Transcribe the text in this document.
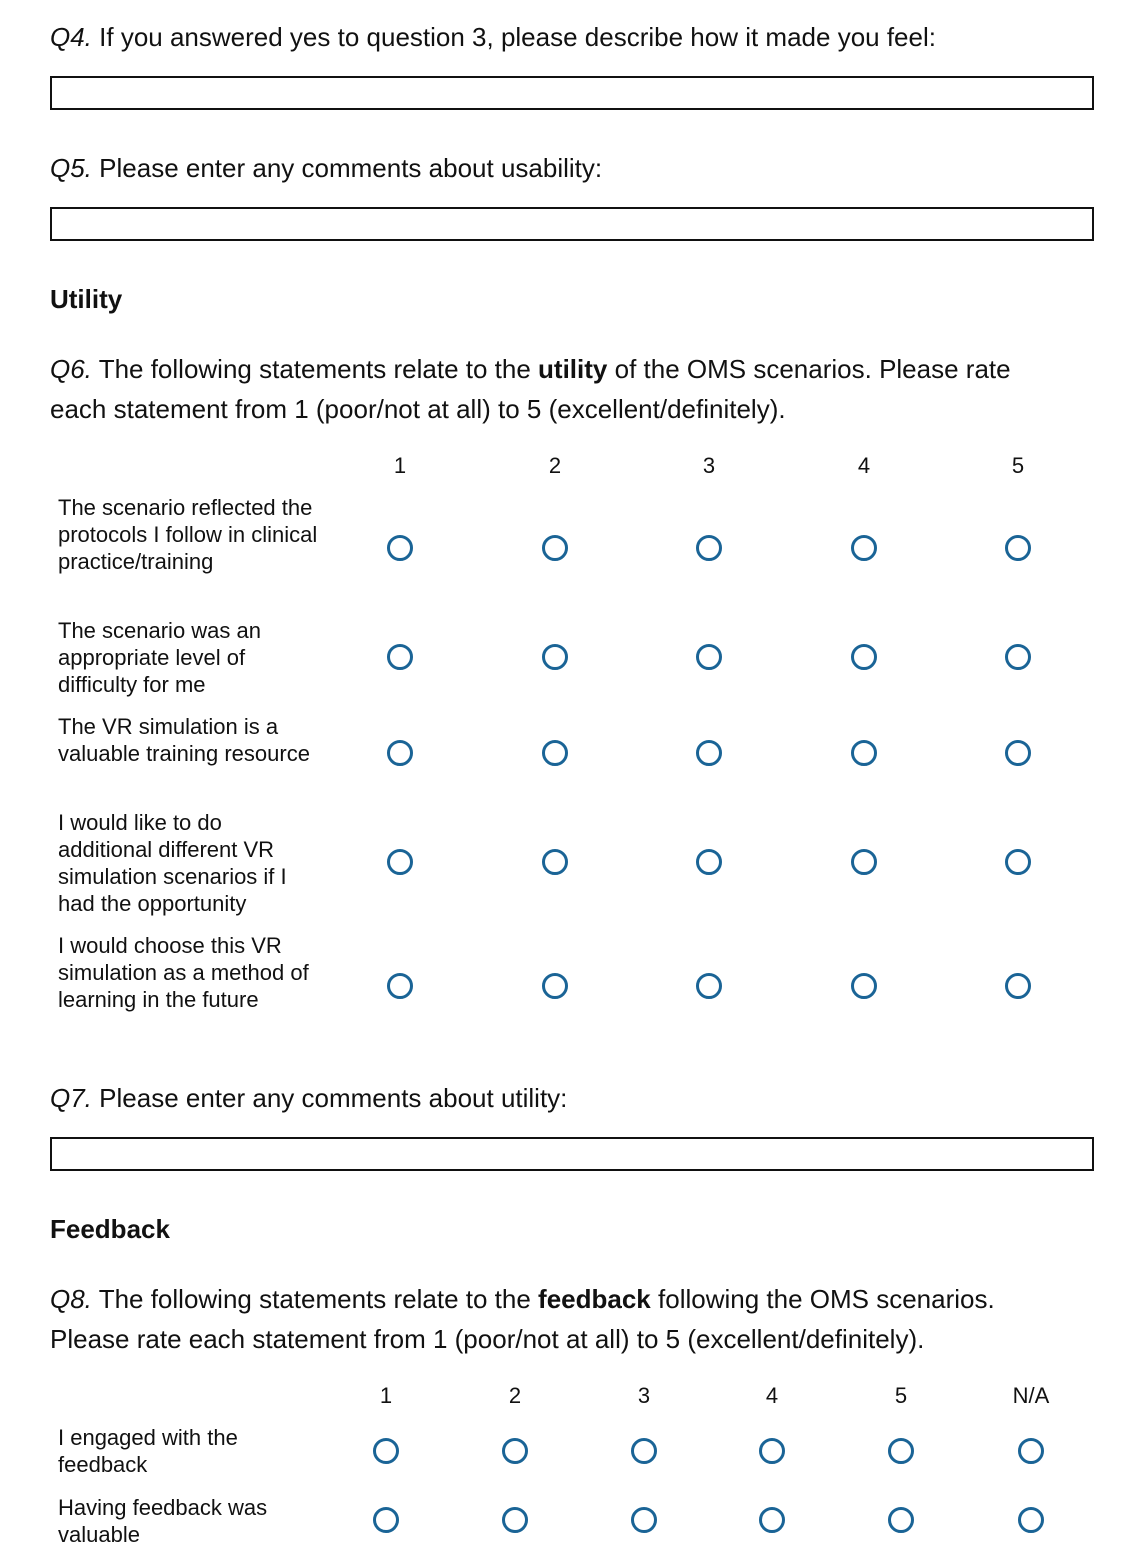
Q4. If you answered yes to question 3, please describe how it made you feel:

Q5. Please enter any comments about usability:

Utility

Q6. The following statements relate to the utility of the OMS scenarios. Please rate each statement from 1 (poor/not at all) to 5 (excellent/definitely).

1	2	3	4	5
The scenario reflected the protocols I follow in clinical practice/training
The scenario was an appropriate level of difficulty for me
The VR simulation is a valuable training resource
I would like to do additional different VR simulation scenarios if I had the opportunity
I would choose this VR simulation as a method of learning in the future

Q7. Please enter any comments about utility:

Feedback

Q8. The following statements relate to the feedback following the OMS scenarios. Please rate each statement from 1 (poor/not at all) to 5 (excellent/definitely).

1	2	3	4	5	N/A
I engaged with the feedback
Having feedback was valuable
